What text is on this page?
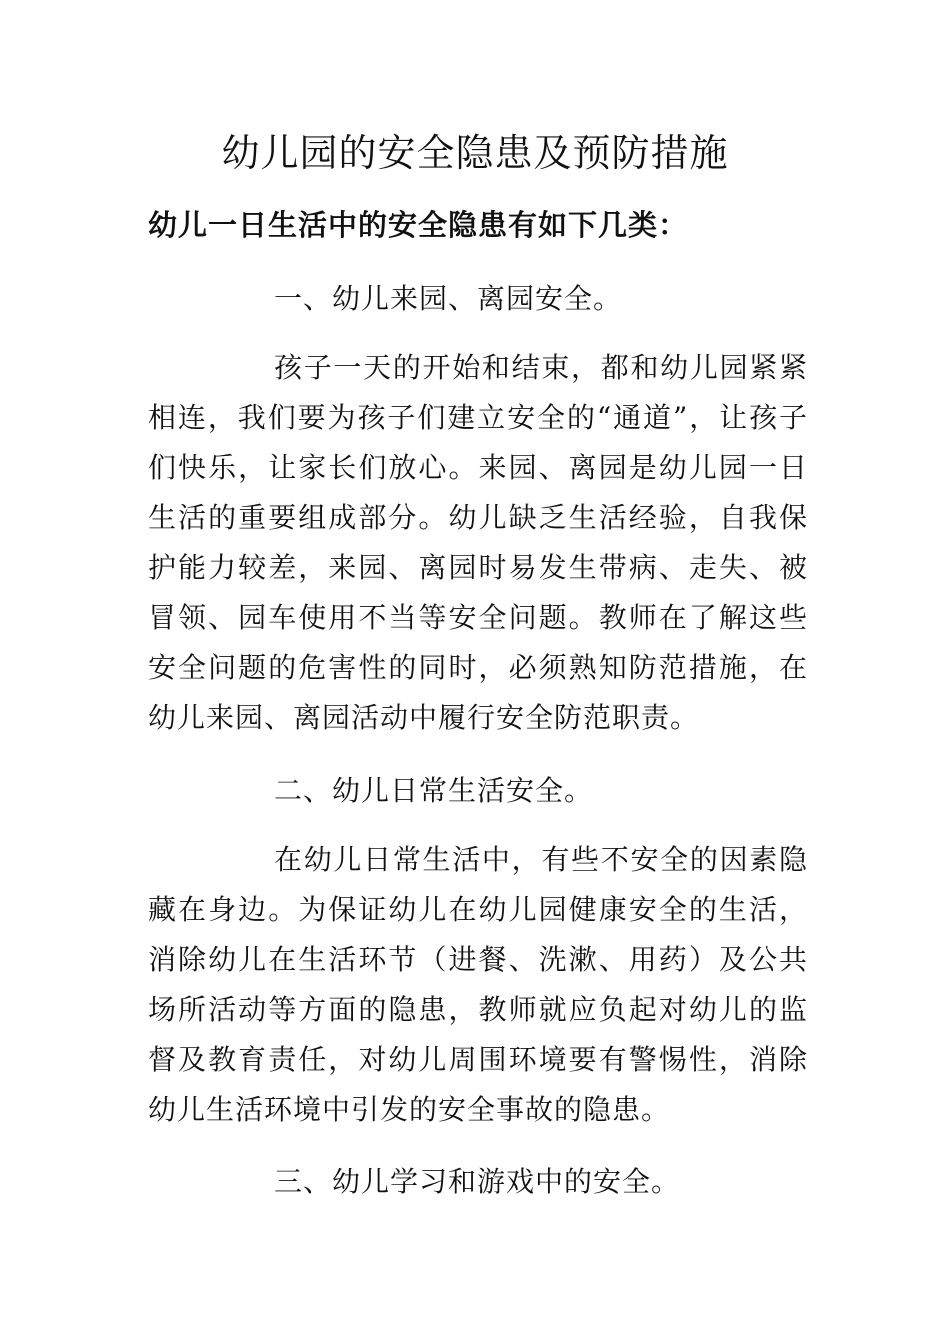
幼儿园的安全隐患及预防措施
幼儿一日生活中的安全隐患有如下几类：

一、幼儿来园、离园安全。

孩子一天的开始和结束，都和幼儿园紧紧相连，我们要为孩子们建立安全的“通道”，让孩子们快乐，让家长们放心。来园、离园是幼儿园一日生活的重要组成部分。幼儿缺乏生活经验，自我保护能力较差，来园、离园时易发生带病、走失、被冒领、园车使用不当等安全问题。教师在了解这些安全问题的危害性的同时，必须熟知防范措施，在幼儿来园、离园活动中履行安全防范职责。

二、幼儿日常生活安全。

在幼儿日常生活中，有些不安全的因素隐藏在身边。为保证幼儿在幼儿园健康安全的生活，消除幼儿在生活环节（进餐、洗漱、用药）及公共场所活动等方面的隐患，教师就应负起对幼儿的监督及教育责任，对幼儿周围环境要有警惕性，消除幼儿生活环境中引发的安全事故的隐患。

三、幼儿学习和游戏中的安全。
